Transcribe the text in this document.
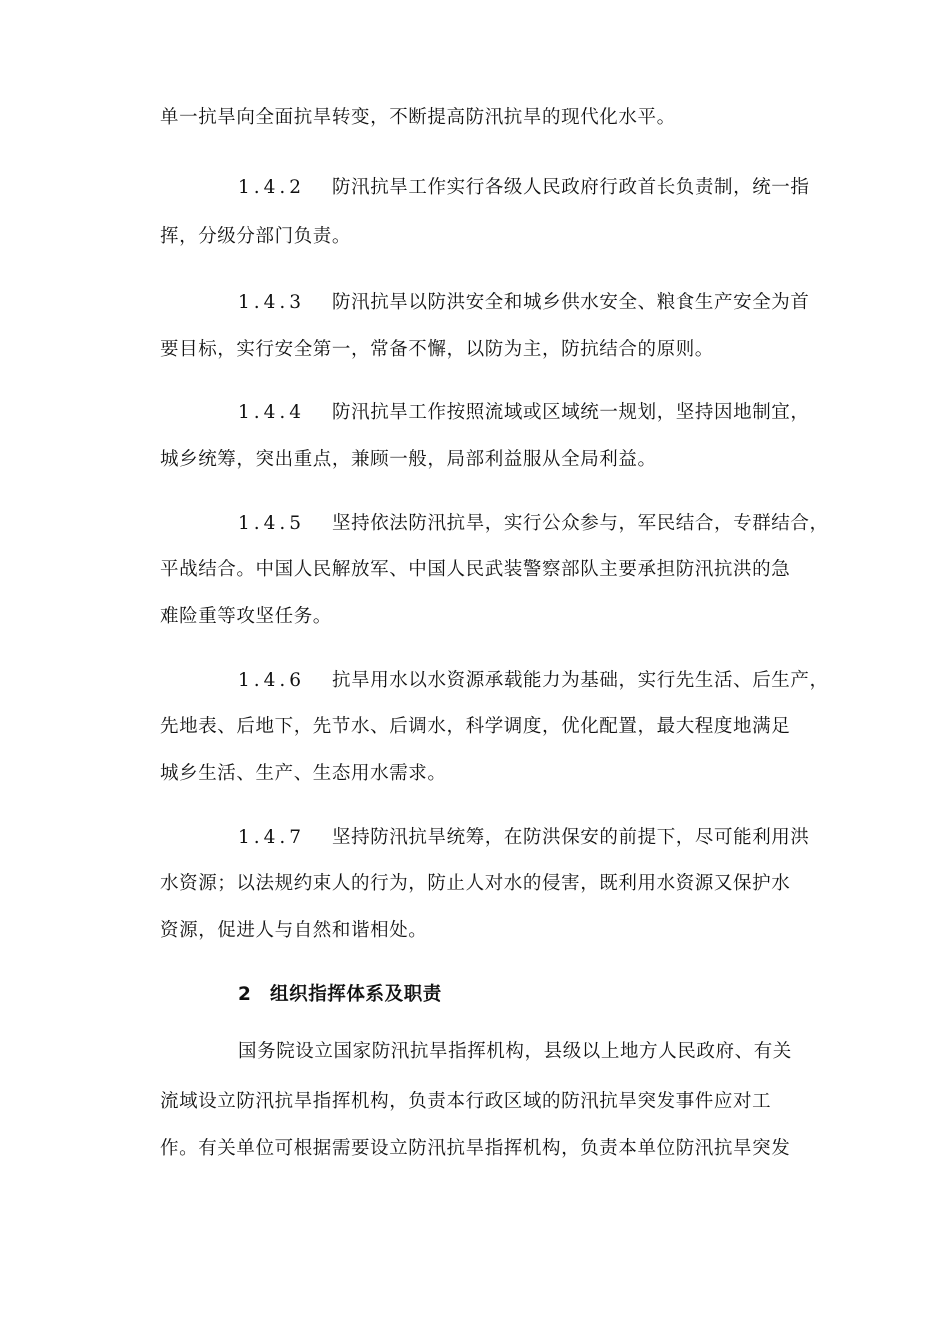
单一抗旱向全面抗旱转变，不断提高防汛抗旱的现代化水平。
1.4.2 防汛抗旱工作实行各级人民政府行政首长负责制，统一指
挥，分级分部门负责。
1.4.3 防汛抗旱以防洪安全和城乡供水安全、粮食生产安全为首
要目标，实行安全第一，常备不懈，以防为主，防抗结合的原则。
1.4.4 防汛抗旱工作按照流域或区域统一规划，坚持因地制宜，
城乡统筹，突出重点，兼顾一般，局部利益服从全局利益。
1.4.5 坚持依法防汛抗旱，实行公众参与，军民结合，专群结合，
平战结合。中国人民解放军、中国人民武装警察部队主要承担防汛抗洪的急
难险重等攻坚任务。
1.4.6 抗旱用水以水资源承载能力为基础，实行先生活、后生产，
先地表、后地下，先节水、后调水，科学调度，优化配置，最大程度地满足
城乡生活、生产、生态用水需求。
1.4.7 坚持防汛抗旱统筹，在防洪保安的前提下，尽可能利用洪
水资源；以法规约束人的行为，防止人对水的侵害，既利用水资源又保护水
资源，促进人与自然和谐相处。
2 组织指挥体系及职责
国务院设立国家防汛抗旱指挥机构，县级以上地方人民政府、有关
流域设立防汛抗旱指挥机构，负责本行政区域的防汛抗旱突发事件应对工
作。有关单位可根据需要设立防汛抗旱指挥机构，负责本单位防汛抗旱突发
